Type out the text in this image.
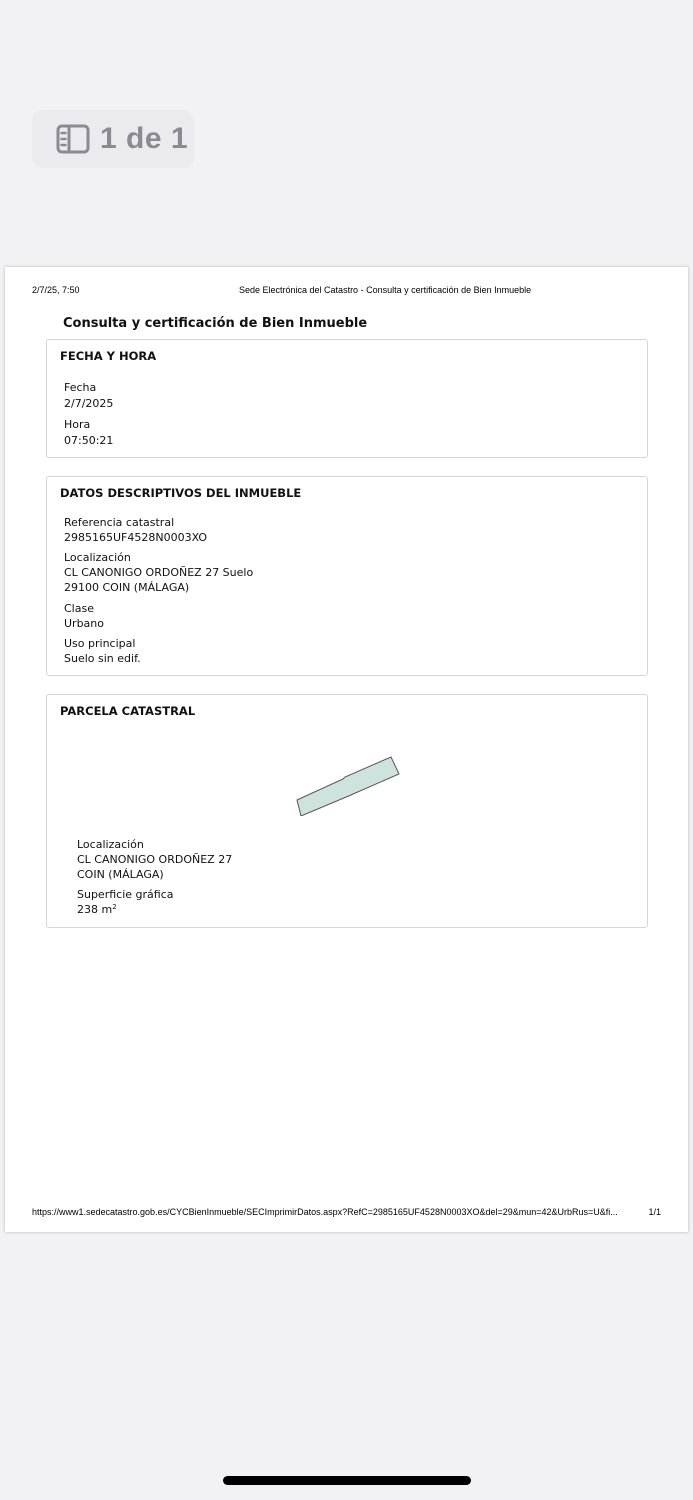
1 de 1
2/7/25, 7:50	Sede Electrónica del Catastro - Consulta y certificación de Bien Inmueble
Consulta y certificación de Bien Inmueble
FECHA Y HORA
Fecha
2/7/2025
Hora
07:50:21
DATOS DESCRIPTIVOS DEL INMUEBLE
Referencia catastral
2985165UF4528N0003XO
Localización
CL CANONIGO ORDOÑEZ 27 Suelo
29100 COIN (MÁLAGA)
Clase
Urbano
Uso principal
Suelo sin edif.
PARCELA CATASTRAL
Localización
CL CANONIGO ORDOÑEZ 27
COIN (MÁLAGA)
Superficie gráfica
238 $m^2$
https://www1.sedecatastro.gob.es/CYCBienInmueble/SECImprimirDatos.aspx?RefC=2985165UF4528N0003XO&del=29&mun=42&UrbRus=U&fi...	1/1
